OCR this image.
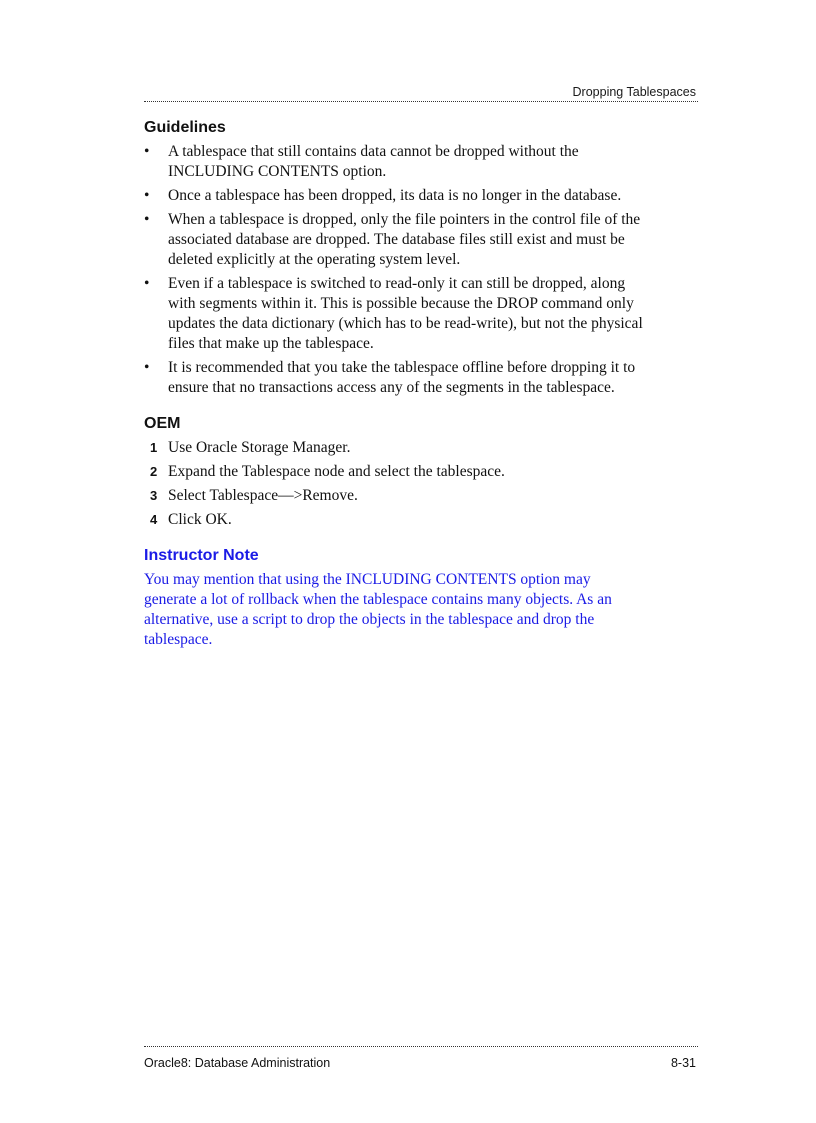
Dropping Tablespaces
Guidelines
• A tablespace that still contains data cannot be dropped without the INCLUDING CONTENTS option.
• Once a tablespace has been dropped, its data is no longer in the database.
• When a tablespace is dropped, only the file pointers in the control file of the associated database are dropped. The database files still exist and must be deleted explicitly at the operating system level.
• Even if a tablespace is switched to read-only it can still be dropped, along with segments within it. This is possible because the DROP command only updates the data dictionary (which has to be read-write), but not the physical files that make up the tablespace.
• It is recommended that you take the tablespace offline before dropping it to ensure that no transactions access any of the segments in the tablespace.
OEM
1 Use Oracle Storage Manager.
2 Expand the Tablespace node and select the tablespace.
3 Select Tablespace—>Remove.
4 Click OK.
Instructor Note

You may mention that using the INCLUDING CONTENTS option may generate a lot of rollback when the tablespace contains many objects. As an alternative, use a script to drop the objects in the tablespace and drop the tablespace.

Oracle8: Database Administration	8-31
